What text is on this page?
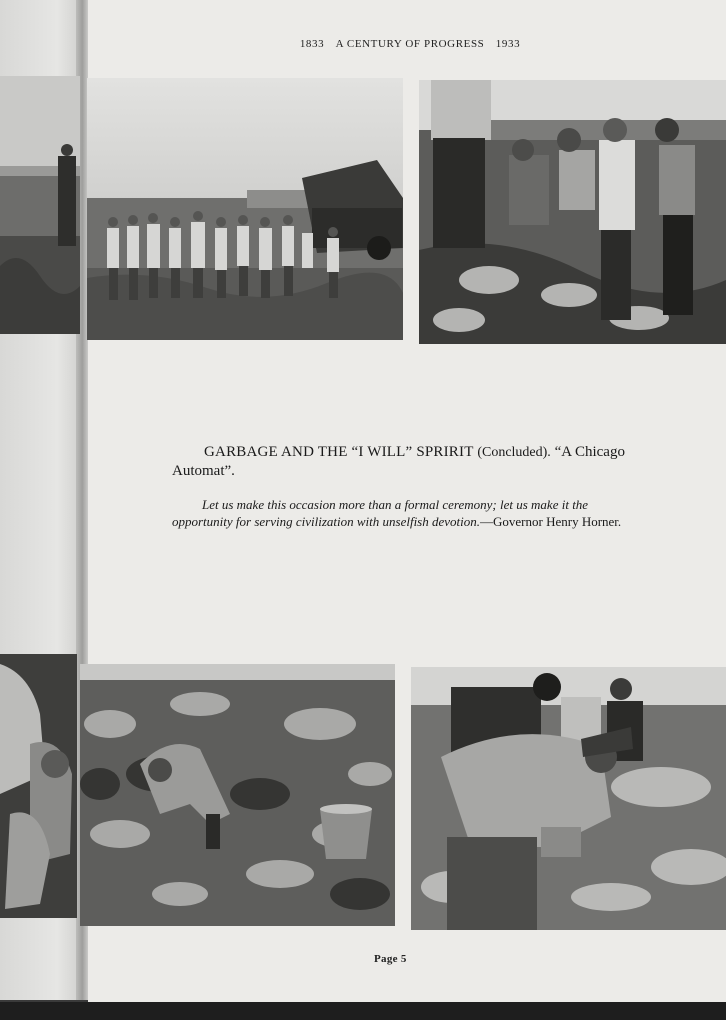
1833 A CENTURY OF PROGRESS 1933
GARBAGE AND THE “I WILL” SPRIRIT (Concluded). “A Chicago Automat”.
Let us make this occasion more than a formal ceremony; let us make it the opportunity for serving civilization with unselfish devotion.—Governor Henry Horner.
Page 5
